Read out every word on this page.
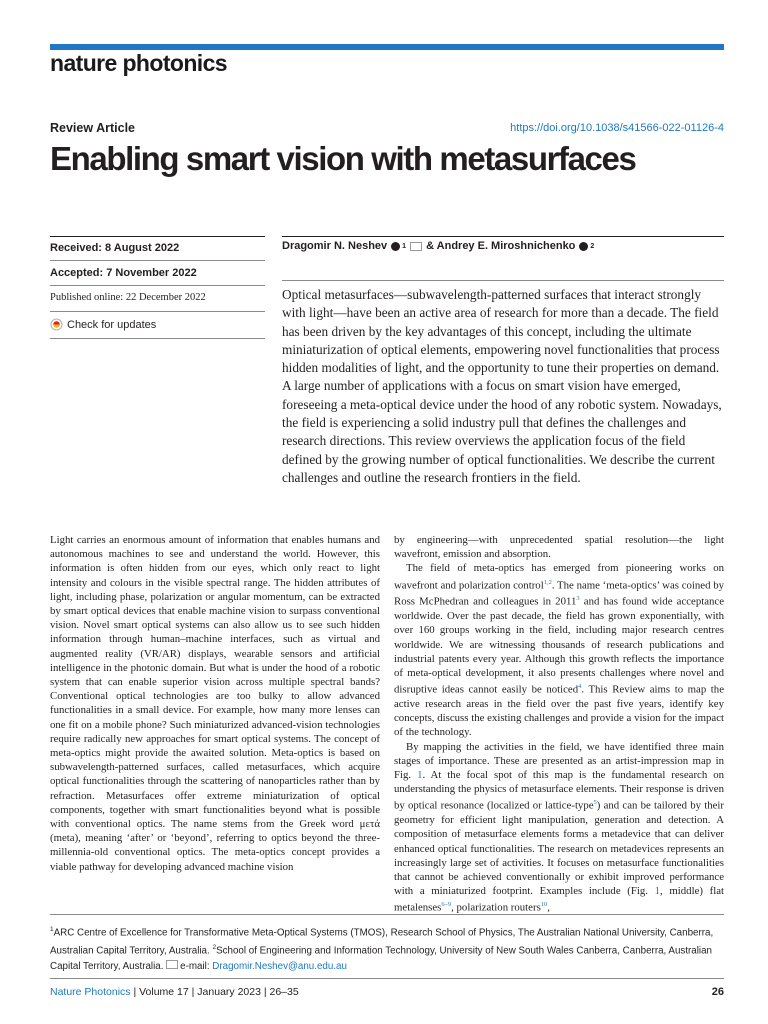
nature photonics
Review Article	https://doi.org/10.1038/s41566-022-01126-4
Enabling smart vision with metasurfaces
Received: 8 August 2022
Accepted: 7 November 2022
Published online: 22 December 2022
Check for updates
Dragomir N. Neshev 1 & Andrey E. Miroshnichenko 2
Optical metasurfaces—subwavelength-patterned surfaces that interact strongly with light—have been an active area of research for more than a decade. The field has been driven by the key advantages of this concept, including the ultimate miniaturization of optical elements, empowering novel functionalities that process hidden modalities of light, and the opportunity to tune their properties on demand. A large number of applications with a focus on smart vision have emerged, foreseeing a meta-optical device under the hood of any robotic system. Nowadays, the field is experiencing a solid industry pull that defines the challenges and research directions. This review overviews the application focus of the field defined by the growing number of optical functionalities. We describe the current challenges and outline the research frontiers in the field.

Light carries an enormous amount of information that enables humans and autonomous machines to see and understand the world. However, this information is often hidden from our eyes, which only react to light intensity and colours in the visible spectral range. The hidden attributes of light, including phase, polarization or angular momentum, can be extracted by smart optical devices that enable machine vision to surpass conventional vision. Novel smart optical systems can also allow us to see such hidden information through human–machine interfaces, such as virtual and augmented reality (VR/AR) displays, wearable sensors and artificial intelligence in the photonic domain. But what is under the hood of a robotic system that can enable superior vision across multiple spectral bands? Conventional optical technologies are too bulky to allow advanced functionalities in a small device. For example, how many more lenses can one fit on a mobile phone? Such miniaturized advanced-vision technologies require radically new approaches for smart optical systems. The concept of meta-optics might provide the awaited solution. Meta-optics is based on subwavelength-patterned surfaces, called metasurfaces, which acquire optical functionalities through the scattering of nanoparticles rather than by refraction. Metasurfaces offer extreme miniaturization of optical components, together with smart functionalities beyond what is possible with conventional optics. The name stems from the Greek word μετά (meta), meaning ‘after’ or ‘beyond’, referring to optics beyond the three-millennia-old conventional optics. The meta-optics concept provides a viable pathway for developing advanced machine vision

by engineering—with unprecedented spatial resolution—the light wavefront, emission and absorption.

The field of meta-optics has emerged from pioneering works on wavefront and polarization control$^{1,2}$. The name ‘meta-optics’ was coined by Ross McPhedran and colleagues in 2011$^3$ and has found wide acceptance worldwide. Over the past decade, the field has grown exponentially, with over 160 groups working in the field, including major research centres worldwide. We are witnessing thousands of research publications and industrial patents every year. Although this growth reflects the importance of meta-optical development, it also presents challenges where novel and disruptive ideas cannot easily be noticed$^4$. This Review aims to map the active research areas in the field over the past five years, identify key concepts, discuss the existing challenges and provide a vision for the impact of the technology.

By mapping the activities in the field, we have identified three main stages of importance. These are presented as an artist-impression map in Fig. 1. At the focal spot of this map is the fundamental research on understanding the physics of metasurface elements. Their response is driven by optical resonance (localized or lattice-type$^5$) and can be tailored by their geometry for efficient light manipulation, generation and detection. A composition of metasurface elements forms a metadevice that can deliver enhanced optical functionalities. The research on metadevices represents an increasingly large set of activities. It focuses on metasurface functionalities that cannot be achieved conventionally or exhibit improved performance with a miniaturized footprint. Examples include (Fig. 1, middle) flat metalenses$^{6-9}$, polarization routers$^{10}$,

$^1$ARC Centre of Excellence for Transformative Meta-Optical Systems (TMOS), Research School of Physics, The Australian National University, Canberra, Australian Capital Territory, Australia. $^2$School of Engineering and Information Technology, University of New South Wales Canberra, Canberra, Australian Capital Territory, Australia. e-mail: Dragomir.Neshev@anu.edu.au
Nature Photonics | Volume 17 | January 2023 | 26–35	26
